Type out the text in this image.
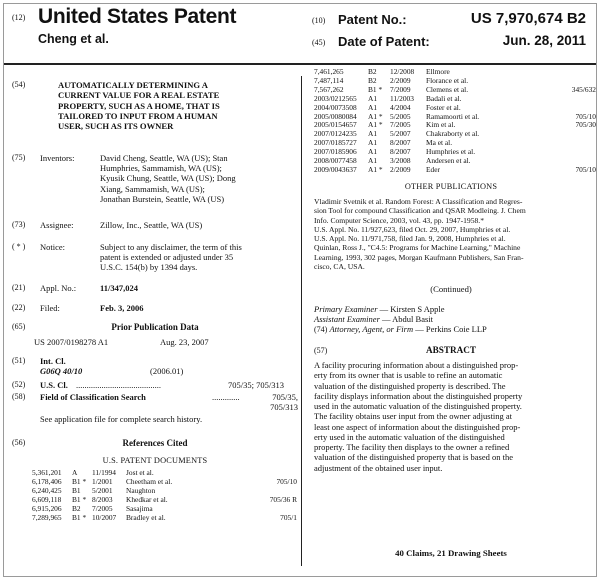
(12) United States Patent
Cheng et al.
(10) Patent No.:	US 7,970,674 B2
(45) Date of Patent:	Jun. 28, 2011
(54)	AUTOMATICALLY DETERMINING A
CURRENT VALUE FOR A REAL ESTATE
PROPERTY, SUCH AS A HOME, THAT IS
TAILORED TO INPUT FROM A HUMAN
USER, SUCH AS ITS OWNER
(75)	Inventors:	David Cheng, Seattle, WA (US); Stan
Humphries, Sammamish, WA (US);
Kyusik Chung, Seattle, WA (US); Dong
Xiang, Sammamish, WA (US);
Jonathan Burstein, Seattle, WA (US)
(73)	Assignee:	Zillow, Inc., Seattle, WA (US)
( * )	Notice:	Subject to any disclaimer, the term of this
patent is extended or adjusted under 35
U.S.C. 154(b) by 1394 days.
(21)	Appl. No.:	11/347,024
(22)	Filed:	Feb. 3, 2006
(65)	Prior Publication Data
US 2007/0198278 A1	Aug. 23, 2007
(51)	Int. Cl.
G06Q 40/10	(2006.01)
(52)	U.S. Cl. ........................................	705/35; 705/313
(58)	Field of Classification Search	.............	705/35,
705/313
See application file for complete search history.
(56)	References Cited
U.S. PATENT DOCUMENTS
5,361,201	A	11/1994	Jost et al.	
6,178,406	B1 *	1/2001	Cheetham et al.	705/10
6,240,425	B1	5/2001	Naughton	
6,609,118	B1 *	8/2003	Khedkar et al.	705/36 R
6,915,206	B2	7/2005	Sasajima	
7,289,965	B1 *	10/2007	Bradley et al.	705/1
7,461,265	B2	12/2008	Ellmore	
7,487,114	B2	2/2009	Florance et al.	
7,567,262	B1 *	7/2009	Clemens et al.	345/632
2003/0212565	A1	11/2003	Badali et al.	
2004/0073508	A1	4/2004	Foster et al.	
2005/0080084	A1 *	5/2005	Ramamoorti et al.	705/10
2005/0154657	A1 *	7/2005	Kim et al.	705/30
2007/0124235	A1	5/2007	Chakraborty et al.	
2007/0185727	A1	8/2007	Ma et al.	
2007/0185906	A1	8/2007	Humphries et al.	
2008/0077458	A1	3/2008	Andersen et al.	
2009/0043637	A1 *	2/2009	Eder	705/10
OTHER PUBLICATIONS
Vladimir Svetnik et al. Random Forest: A Classification and Regres-
sion Tool for compound Classification and QSAR Modleing. J. Chem
Info. Computer Science, 2003, vol. 43, pp. 1947-1958.*
U.S. Appl. No. 11/927,623, filed Oct. 29, 2007, Humphries et al.
U.S. Appl. No. 11/971,758, filed Jan. 9, 2008, Humphries et al.
Quinlan, Ross J., "C4.5: Programs for Machine Learning," Machine
Learning, 1993, 302 pages, Morgan Kaufmann Publishers, San Fran-
cisco, CA, USA.
(Continued)
Primary Examiner — Kirsten S Apple
Assistant Examiner — Abdul Basit
(74) Attorney, Agent, or Firm — Perkins Coie LLP
(57)	ABSTRACT
A facility procuring information about a distinguished prop-
erty from its owner that is usable to refine an automatic
valuation of the distinguished property is described. The
facility displays information about the distinguished property
used in the automatic valuation of the distinguished property.
The facility obtains user input from the owner adjusting at
least one aspect of information about the distinguished prop-
erty used in the automatic valuation of the distinguished
property. The facility then displays to the owner a refined
valuation of the distinguished property that is based on the
adjustment of the obtained user input.
40 Claims, 21 Drawing Sheets
